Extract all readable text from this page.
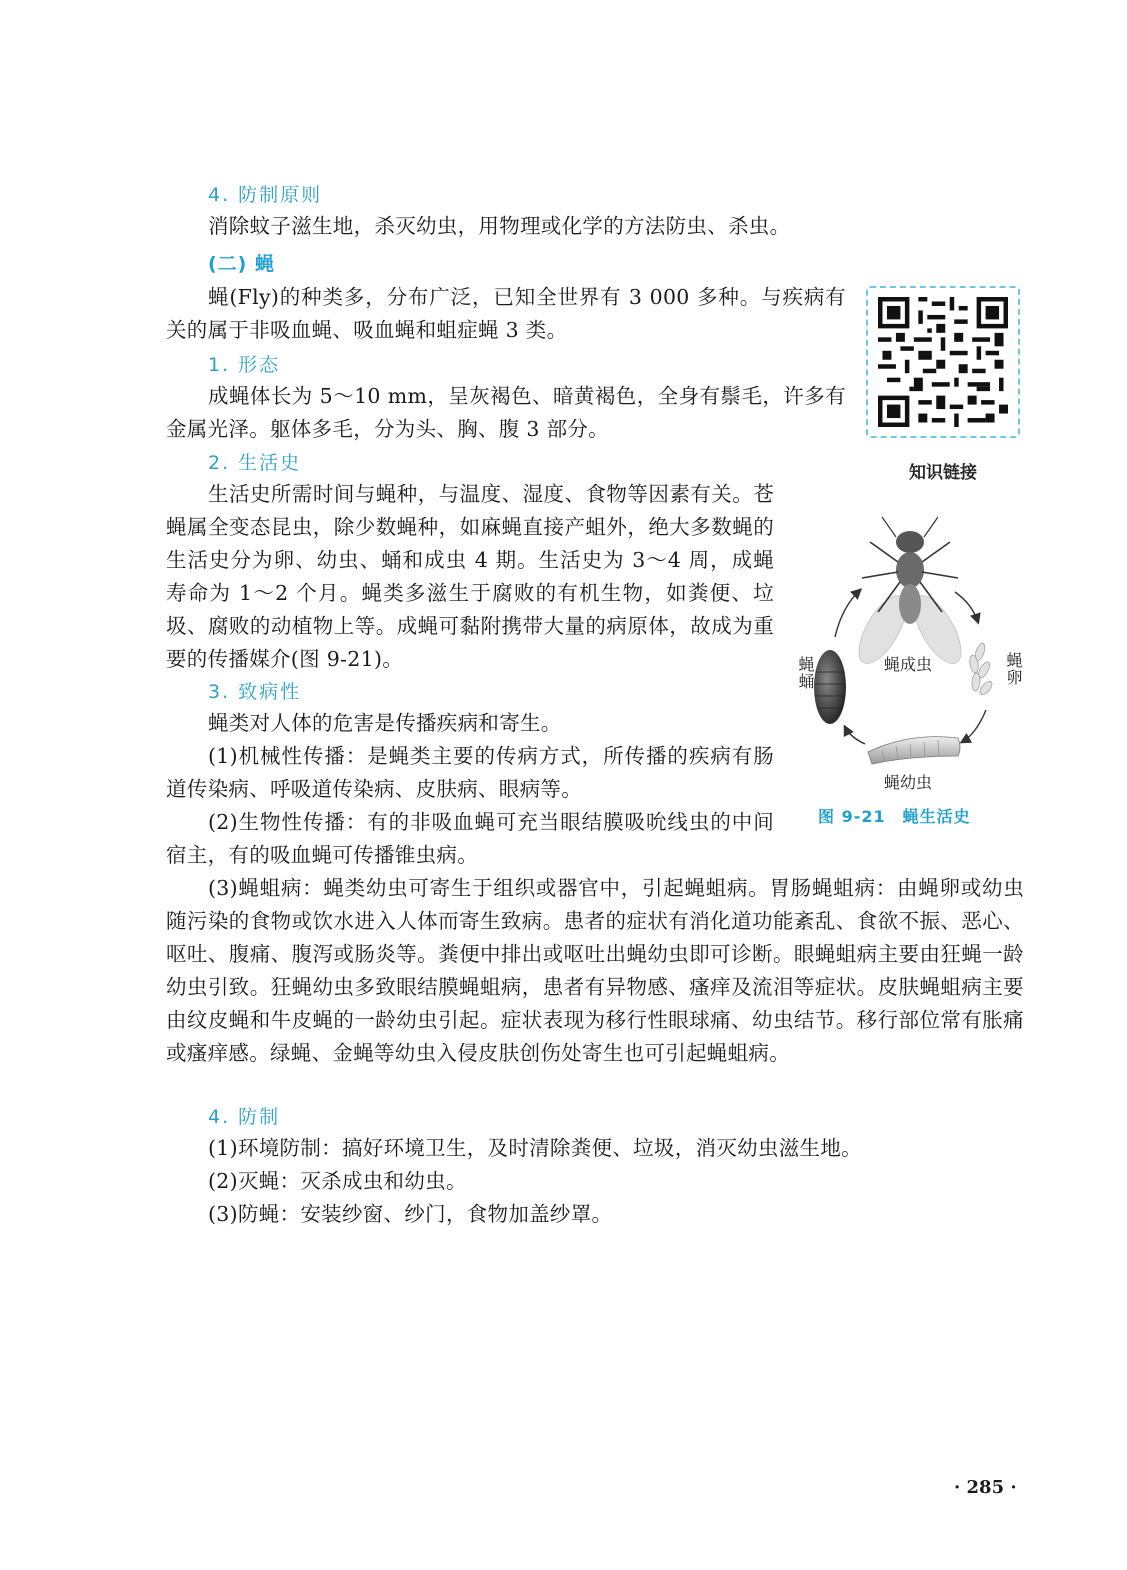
4. 防制原则

消除蚊子滋生地，杀灭幼虫，用物理或化学的方法防虫、杀虫。

(二) 蝇

蝇(Fly)的种类多，分布广泛，已知全世界有 3 000 多种。与疾病有关的属于非吸血蝇、吸血蝇和蛆症蝇 3 类。

1. 形态

成蝇体长为 5～10 mm，呈灰褐色、暗黄褐色，全身有鬃毛，许多有金属光泽。躯体多毛，分为头、胸、腹 3 部分。

2. 生活史

生活史所需时间与蝇种，与温度、湿度、食物等因素有关。苍蝇属全变态昆虫，除少数蝇种，如麻蝇直接产蛆外，绝大多数蝇的生活史分为卵、幼虫、蛹和成虫 4 期。生活史为 3～4 周，成蝇寿命为 1～2 个月。蝇类多滋生于腐败的有机生物，如粪便、垃圾、腐败的动植物上等。成蝇可黏附携带大量的病原体，故成为重要的传播媒介(图 9-21)。

3. 致病性

蝇类对人体的危害是传播疾病和寄生。

(1)机械性传播：是蝇类主要的传病方式，所传播的疾病有肠道传染病、呼吸道传染病、皮肤病、眼病等。

(2)生物性传播：有的非吸血蝇可充当眼结膜吸吮线虫的中间宿主，有的吸血蝇可传播锥虫病。

(3)蝇蛆病：蝇类幼虫可寄生于组织或器官中，引起蝇蛆病。胃肠蝇蛆病：由蝇卵或幼虫随污染的食物或饮水进入人体而寄生致病。患者的症状有消化道功能紊乱、食欲不振、恶心、呕吐、腹痛、腹泻或肠炎等。粪便中排出或呕吐出蝇幼虫即可诊断。眼蝇蛆病主要由狂蝇一龄幼虫引致。狂蝇幼虫多致眼结膜蝇蛆病，患者有异物感、瘙痒及流泪等症状。皮肤蝇蛆病主要由纹皮蝇和牛皮蝇的一龄幼虫引起。症状表现为移行性眼球痛、幼虫结节。移行部位常有胀痛或瘙痒感。绿蝇、金蝇等幼虫入侵皮肤创伤处寄生也可引起蝇蛆病。

4. 防制

(1)环境防制：搞好环境卫生，及时清除粪便、垃圾，消灭幼虫滋生地。

(2)灭蝇：灭杀成虫和幼虫。

(3)防蝇：安装纱窗、纱门，食物加盖纱罩。

知识链接
蝇成虫	蝇卵
蝇蛹
蝇幼虫
图 9-21　蝇生活史
· 285 ·
